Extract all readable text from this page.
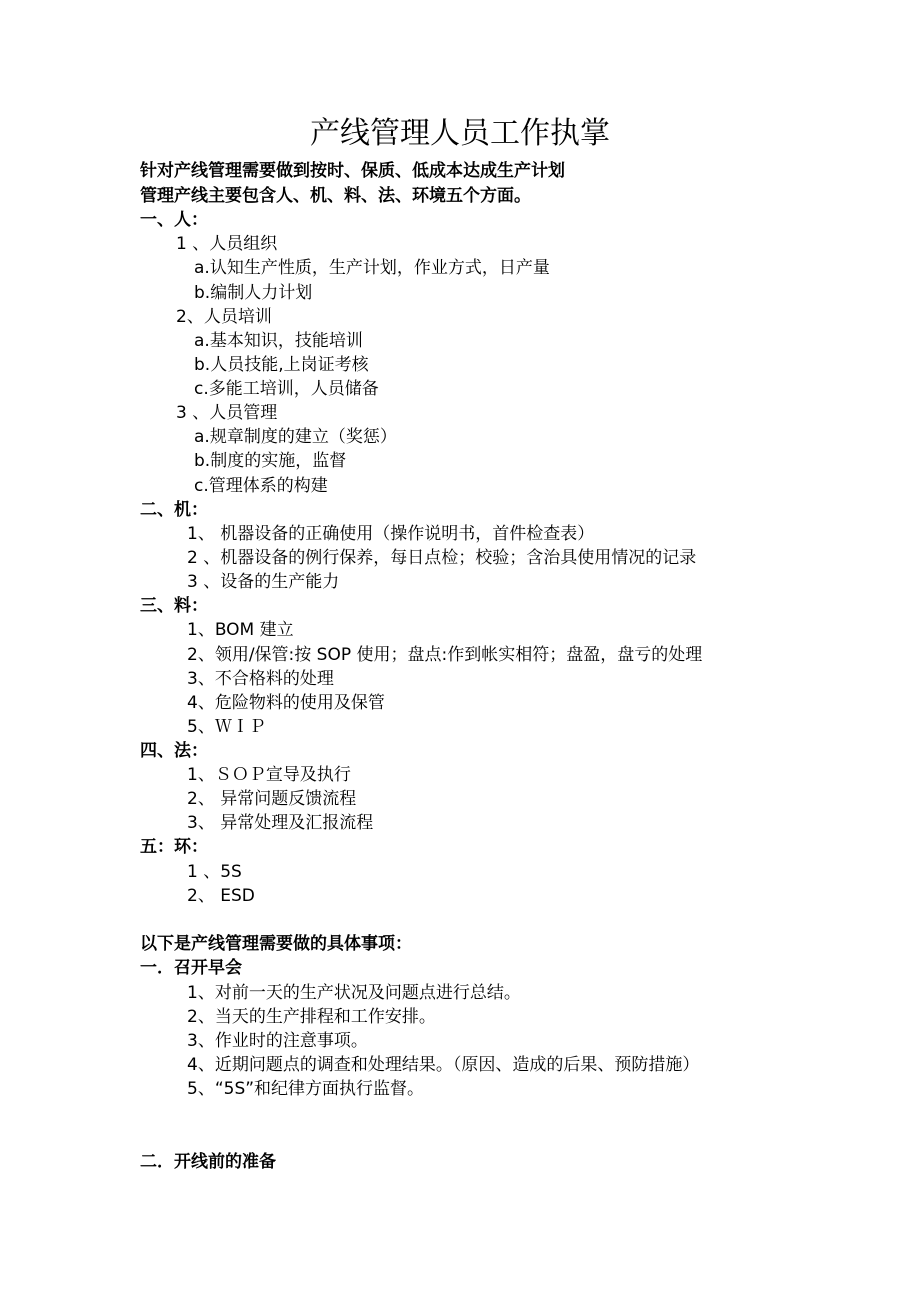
产线管理人员工作执掌
针对产线管理需要做到按时、保质、低成本达成生产计划
管理产线主要包含人、机、料、法、环境五个方面。
一、人：
1 、人员组织
a.认知生产性质，生产计划，作业方式，日产量
b.编制人力计划
2、人员培训
a.基本知识，技能培训
b.人员技能,上岗证考核
c.多能工培训，人员储备
3 、人员管理
a.规章制度的建立（奖惩）
b.制度的实施，监督
c.管理体系的构建
二、机：
1、 机器设备的正确使用（操作说明书，首件检查表）
2 、机器设备的例行保养，每日点检；校验；含治具使用情况的记录
3 、设备的生产能力
三、料：
1、BOM 建立
2、领用/保管:按 SOP 使用；盘点:作到帐实相符；盘盈，盘亏的处理
3、不合格料的处理
4、危险物料的使用及保管
5、ＷＩＰ
四、法：
1、ＳＯＰ宣导及执行
2、 异常问题反馈流程
3、 异常处理及汇报流程
五：环：
1 、5S
2、 ESD
以下是产线管理需要做的具体事项：
一．召开早会
1、对前一天的生产状况及问题点进行总结。
2、当天的生产排程和工作安排。
3、作业时的注意事项。
4、近期问题点的调查和处理结果。（原因、造成的后果、预防措施）
5、“5S”和纪律方面执行监督。
二．开线前的准备
